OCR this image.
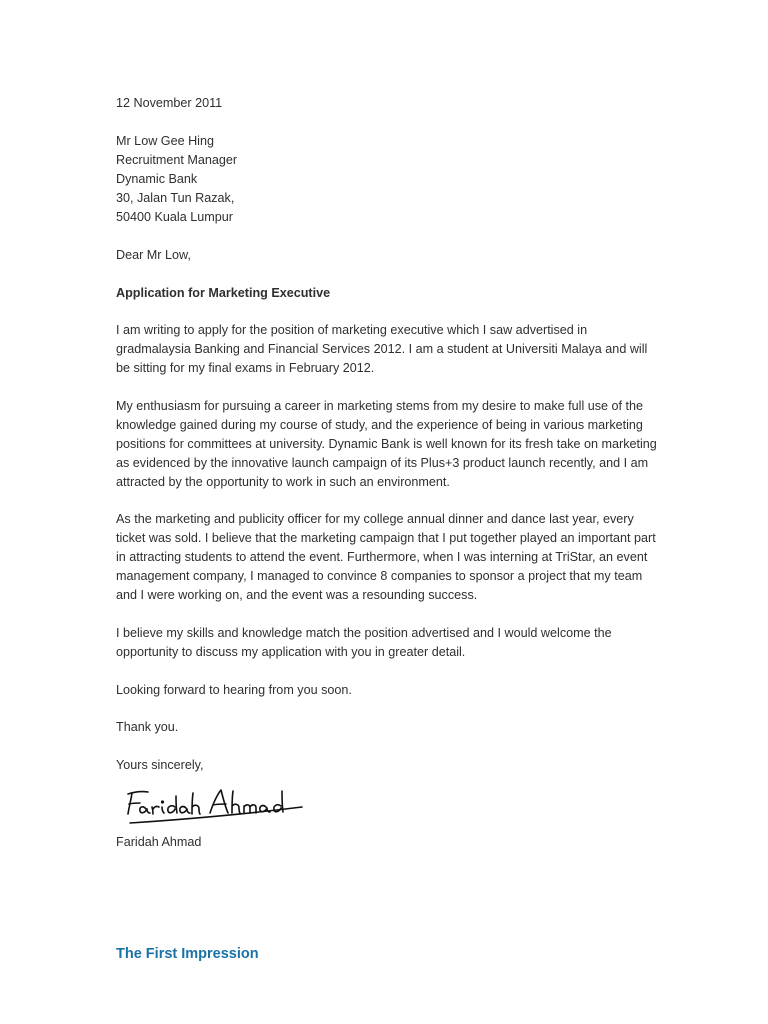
12 November 2011
Mr Low Gee Hing
Recruitment Manager
Dynamic Bank
30, Jalan Tun Razak,
50400 Kuala Lumpur
Dear Mr Low,
Application for Marketing Executive
I am writing to apply for the position of marketing executive which I saw advertised in gradmalaysia Banking and Financial Services 2012. I am a student at Universiti Malaya and will be sitting for my final exams in February 2012.
My enthusiasm for pursuing a career in marketing stems from my desire to make full use of the knowledge gained during my course of study, and the experience of being in various marketing positions for committees at university. Dynamic Bank is well known for its fresh take on marketing as evidenced by the innovative launch campaign of its Plus+3 product launch recently, and I am attracted by the opportunity to work in such an environment.
As the marketing and publicity officer for my college annual dinner and dance last year, every ticket was sold. I believe that the marketing campaign that I put together played an important part in attracting students to attend the event. Furthermore, when I was interning at TriStar, an event management company, I managed to convince 8 companies to sponsor a project that my team and I were working on, and the event was a resounding success.
I believe my skills and knowledge match the position advertised and I would welcome the opportunity to discuss my application with you in greater detail.
Looking forward to hearing from you soon.
Thank you.
Yours sincerely,
Faridah Ahmad
The First Impression
